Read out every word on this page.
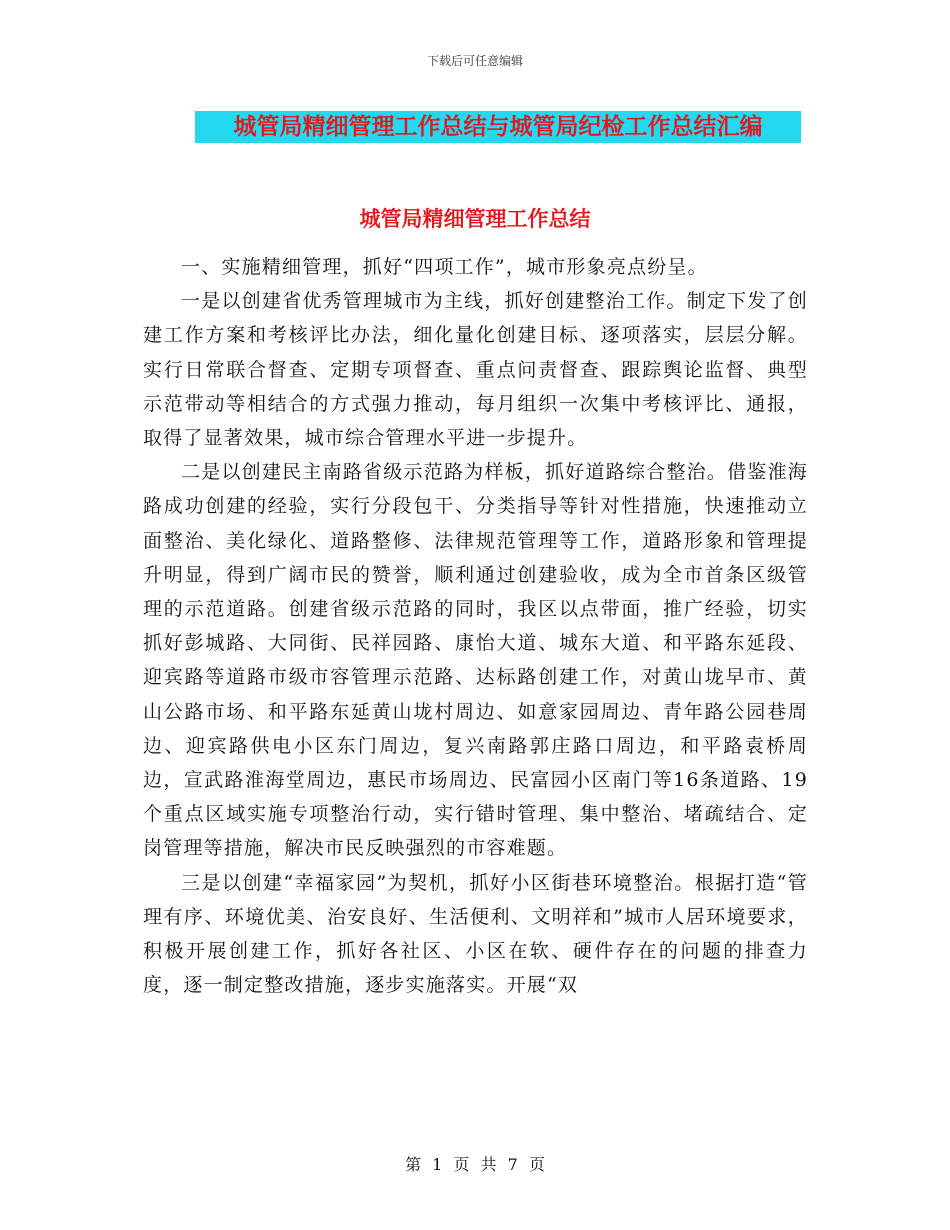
下载后可任意编辑
城管局精细管理工作总结与城管局纪检工作总结汇编
城管局精细管理工作总结

一、实施精细管理，抓好“四项工作”，城市形象亮点纷呈。

一是以创建省优秀管理城市为主线，抓好创建整治工作。制定下发了创建工作方案和考核评比办法，细化量化创建目标、逐项落实，层层分解。实行日常联合督查、定期专项督查、重点问责督查、跟踪舆论监督、典型示范带动等相结合的方式强力推动，每月组织一次集中考核评比、通报，取得了显著效果，城市综合管理水平进一步提升。

二是以创建民主南路省级示范路为样板，抓好道路综合整治。借鉴淮海路成功创建的经验，实行分段包干、分类指导等针对性措施，快速推动立面整治、美化绿化、道路整修、法律规范管理等工作，道路形象和管理提升明显，得到广阔市民的赞誉，顺利通过创建验收，成为全市首条区级管理的示范道路。创建省级示范路的同时，我区以点带面，推广经验，切实抓好彭城路、大同街、民祥园路、康怡大道、城东大道、和平路东延段、迎宾路等道路市级市容管理示范路、达标路创建工作，对黄山垅早市、黄山公路市场、和平路东延黄山垅村周边、如意家园周边、青年路公园巷周边、迎宾路供电小区东门周边，复兴南路郭庄路口周边，和平路袁桥周边，宣武路淮海堂周边，惠民市场周边、民富园小区南门等16条道路、19个重点区域实施专项整治行动，实行错时管理、集中整治、堵疏结合、定岗管理等措施，解决市民反映强烈的市容难题。

三是以创建“幸福家园”为契机，抓好小区街巷环境整治。根据打造“管理有序、环境优美、治安良好、生活便利、文明祥和”城市人居环境要求，积极开展创建工作，抓好各社区、小区在软、硬件存在的问题的排查力度，逐一制定整改措施，逐步实施落实。开展“双

第 1 页 共 7 页
